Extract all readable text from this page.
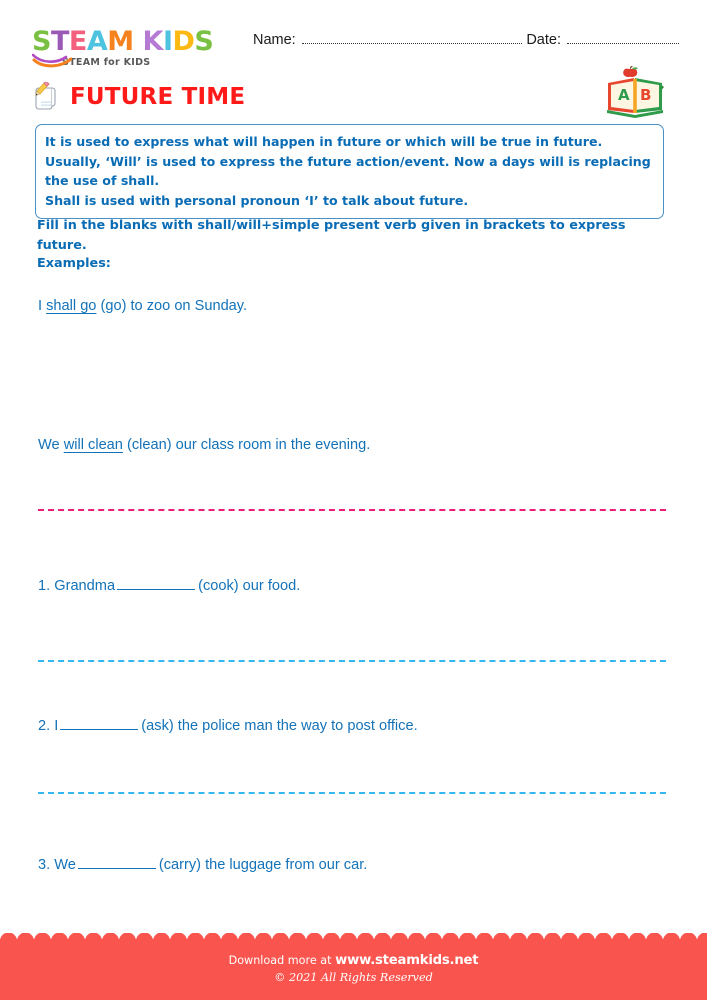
STEAM KIDS
STEAM for KIDS
Name:	Date:
FUTURE TIME	A B

It is used to express what will happen in future or which will be true in future.

Usually, ‘Will’ is used to express the future action/event. Now a days will is replacing the use of shall.

Shall is used with personal pronoun ‘I’ to talk about future.

Fill in the blanks with shall/will+simple present verb given in brackets to express future.
Examples:
I shall go (go) to zoo on Sunday.
We will clean (clean) our class room in the evening.
1. Grandma	(cook) our food.
2. I	(ask) the police man the way to post office.
3. We	(carry) the luggage from our car.
Download more at www.steamkids.net
© 2021 All Rights Reserved
